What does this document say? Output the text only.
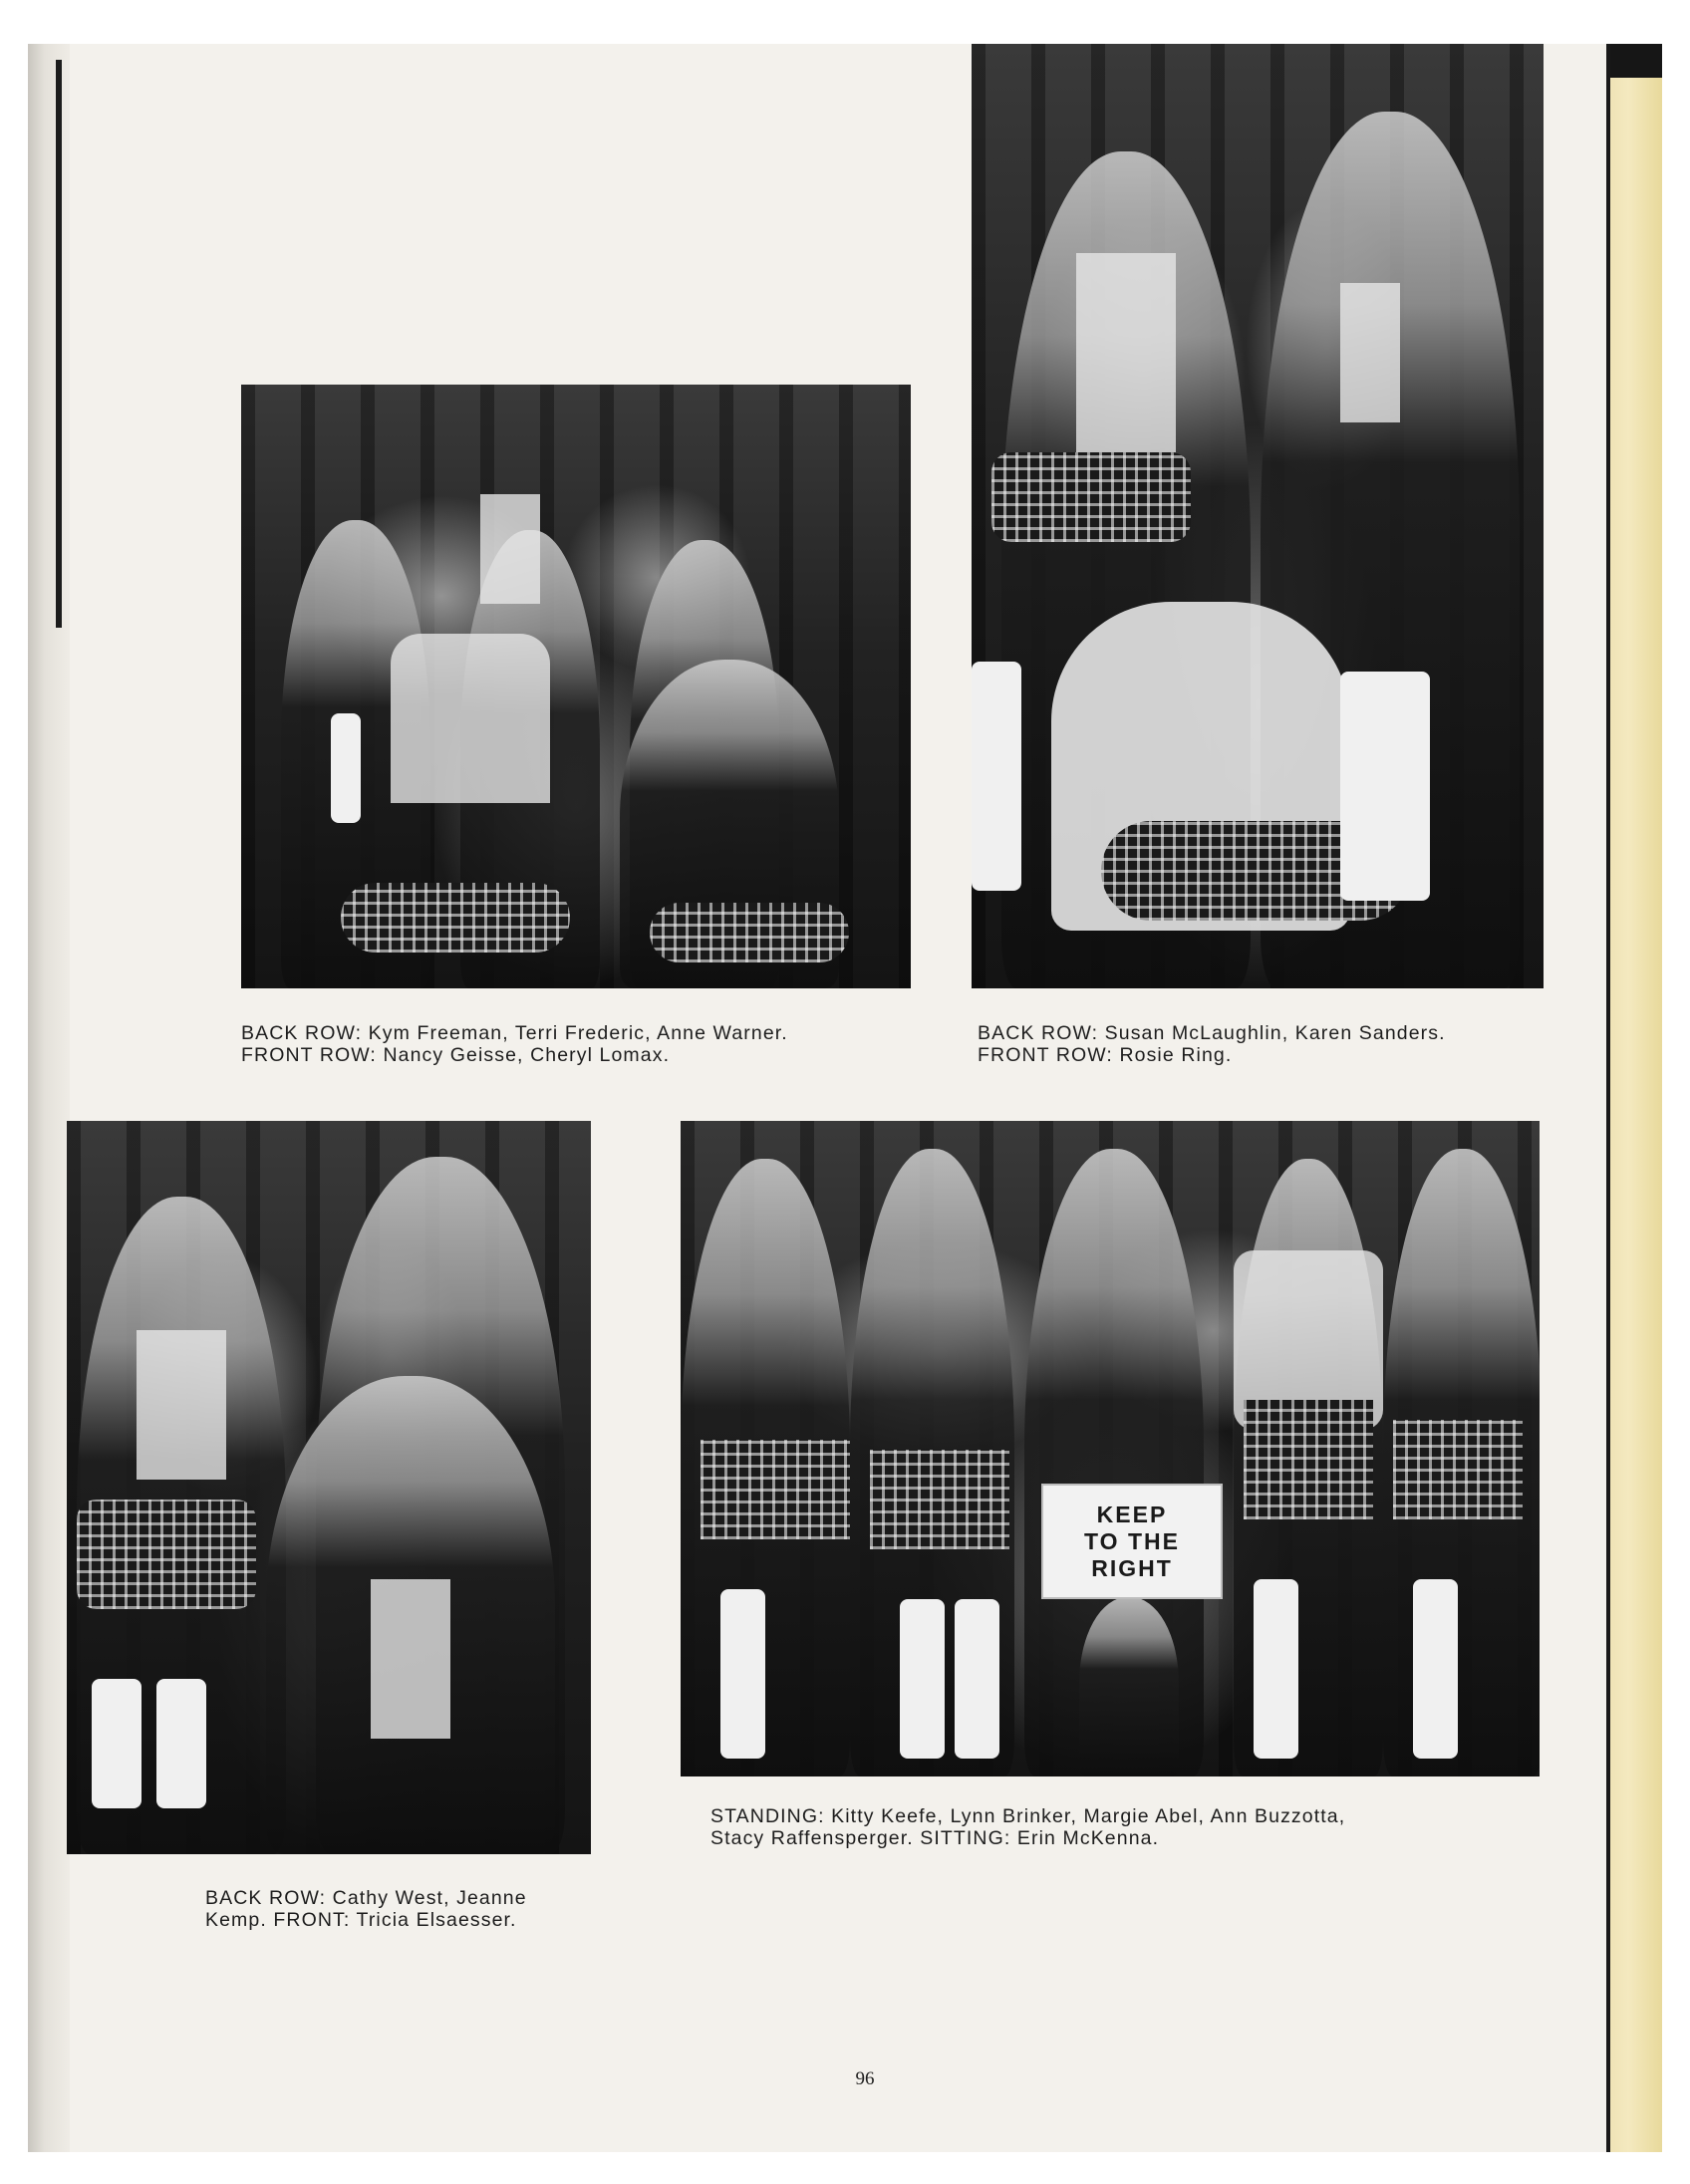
BACK ROW: Kym Freeman, Terri Frederic, Anne Warner.
FRONT ROW: Nancy Geisse, Cheryl Lomax.
BACK ROW: Susan McLaughlin, Karen Sanders.
FRONT ROW: Rosie Ring.
BACK ROW: Cathy West, Jeanne
Kemp. FRONT: Tricia Elsaesser.
KEEP
TO THE
RIGHT
STANDING: Kitty Keefe, Lynn Brinker, Margie Abel, Ann Buzzotta,
Stacy Raffensperger. SITTING: Erin McKenna.
96
